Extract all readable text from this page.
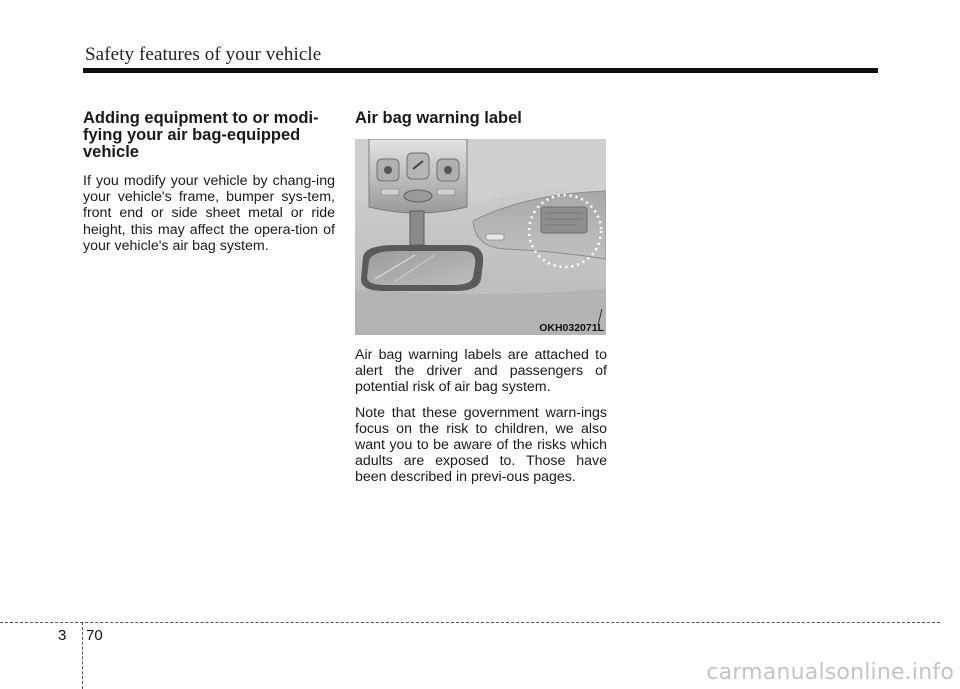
Safety features of your vehicle
Adding equipment to or modi-fying your air bag-equipped vehicle

If you modify your vehicle by chang-ing your vehicle's frame, bumper sys-tem, front end or side sheet metal or ride height, this may affect the opera-tion of your vehicle's air bag system.

Air bag warning label
OKH032071L

Air bag warning labels are attached to alert the driver and passengers of potential risk of air bag system.

Note that these government warn-ings focus on the risk to children, we also want you to be aware of the risks which adults are exposed to. Those have been described in previ-ous pages.

3 70
carmanualsonline.info
